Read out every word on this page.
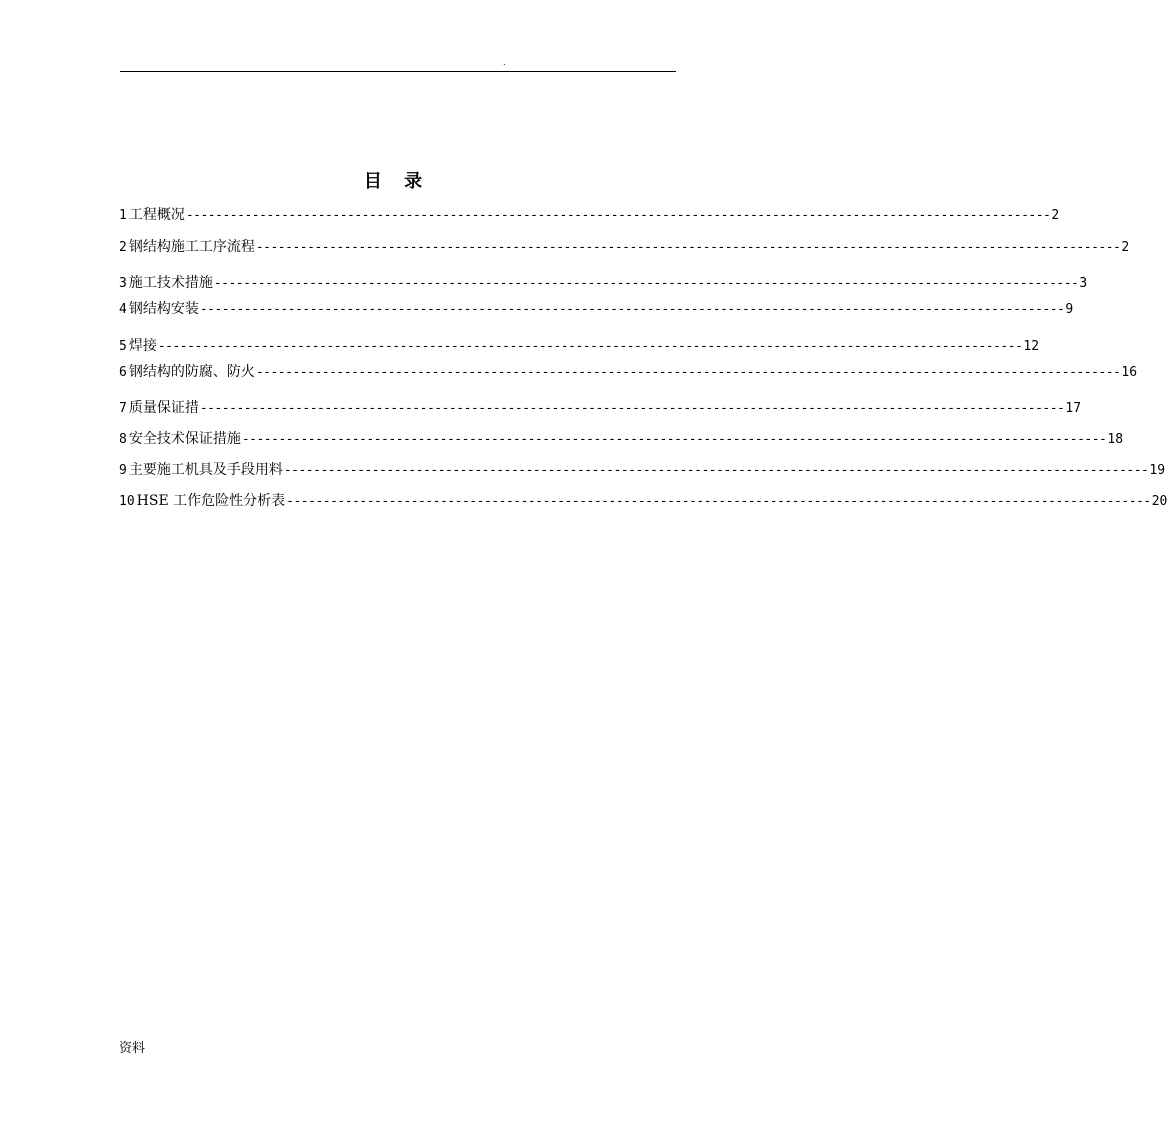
.
目 录
1 工程概况 ---------------------------------------------------------------------------------------------------------------------- 2
2 钢结构施工工序流程 ---------------------------------------------------------------------------------------------------------------------- 2
3 施工技术措施 ---------------------------------------------------------------------------------------------------------------------- 3
4 钢结构安装 ---------------------------------------------------------------------------------------------------------------------- 9
5 焊接 ---------------------------------------------------------------------------------------------------------------------- 12
6 钢结构的防腐、防火 ---------------------------------------------------------------------------------------------------------------------- 16
7 质量保证措 ---------------------------------------------------------------------------------------------------------------------- 17
8 安全技术保证措施 ---------------------------------------------------------------------------------------------------------------------- 18
9 主要施工机具及手段用料 ---------------------------------------------------------------------------------------------------------------------- 19
10 HSE 工作危险性分析表 ---------------------------------------------------------------------------------------------------------------------- 20
资料
